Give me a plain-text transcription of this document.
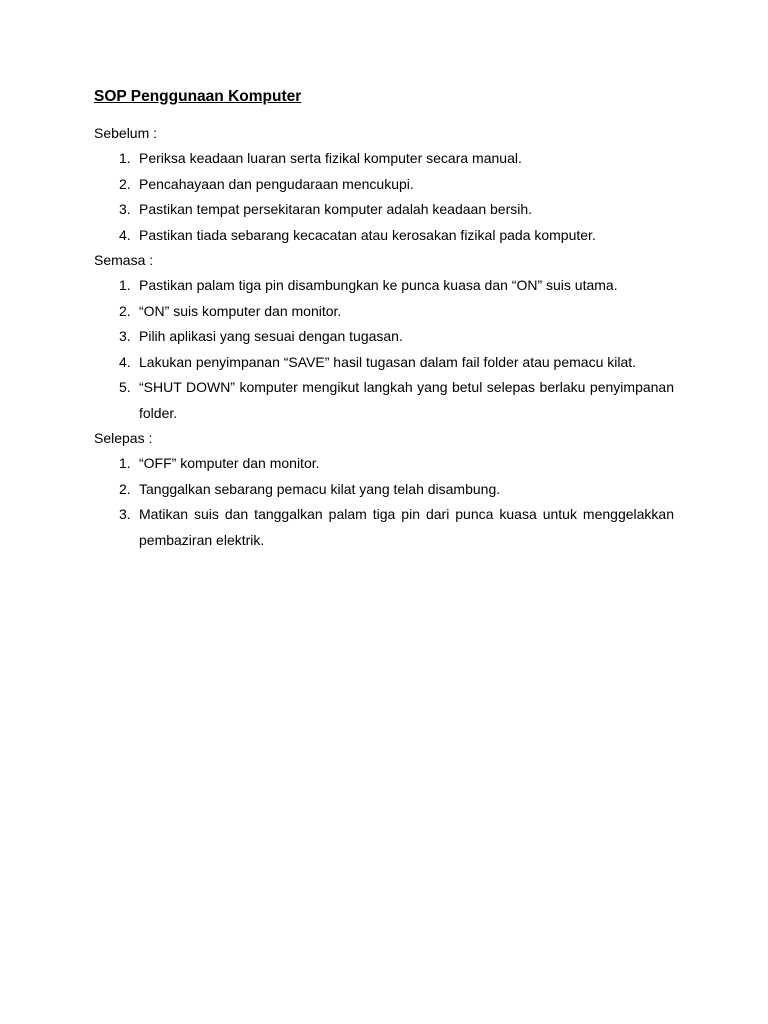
SOP Penggunaan Komputer

Sebelum :

1. Periksa keadaan luaran serta fizikal komputer secara manual.
2. Pencahayaan dan pengudaraan mencukupi.
3. Pastikan tempat persekitaran komputer adalah keadaan bersih.
4. Pastikan tiada sebarang kecacatan atau kerosakan fizikal pada komputer.

Semasa :

1. Pastikan palam tiga pin disambungkan ke punca kuasa dan “ON” suis utama.
2. “ON” suis komputer dan monitor.
3. Pilih aplikasi yang sesuai dengan tugasan.
4. Lakukan penyimpanan “SAVE” hasil tugasan dalam fail folder atau pemacu kilat.
5. “SHUT DOWN” komputer mengikut langkah yang betul selepas berlaku penyimpanan folder.

Selepas :

1. “OFF” komputer dan monitor.
2. Tanggalkan sebarang pemacu kilat yang telah disambung.
3. Matikan suis dan tanggalkan palam tiga pin dari punca kuasa untuk menggelakkan pembaziran elektrik.
